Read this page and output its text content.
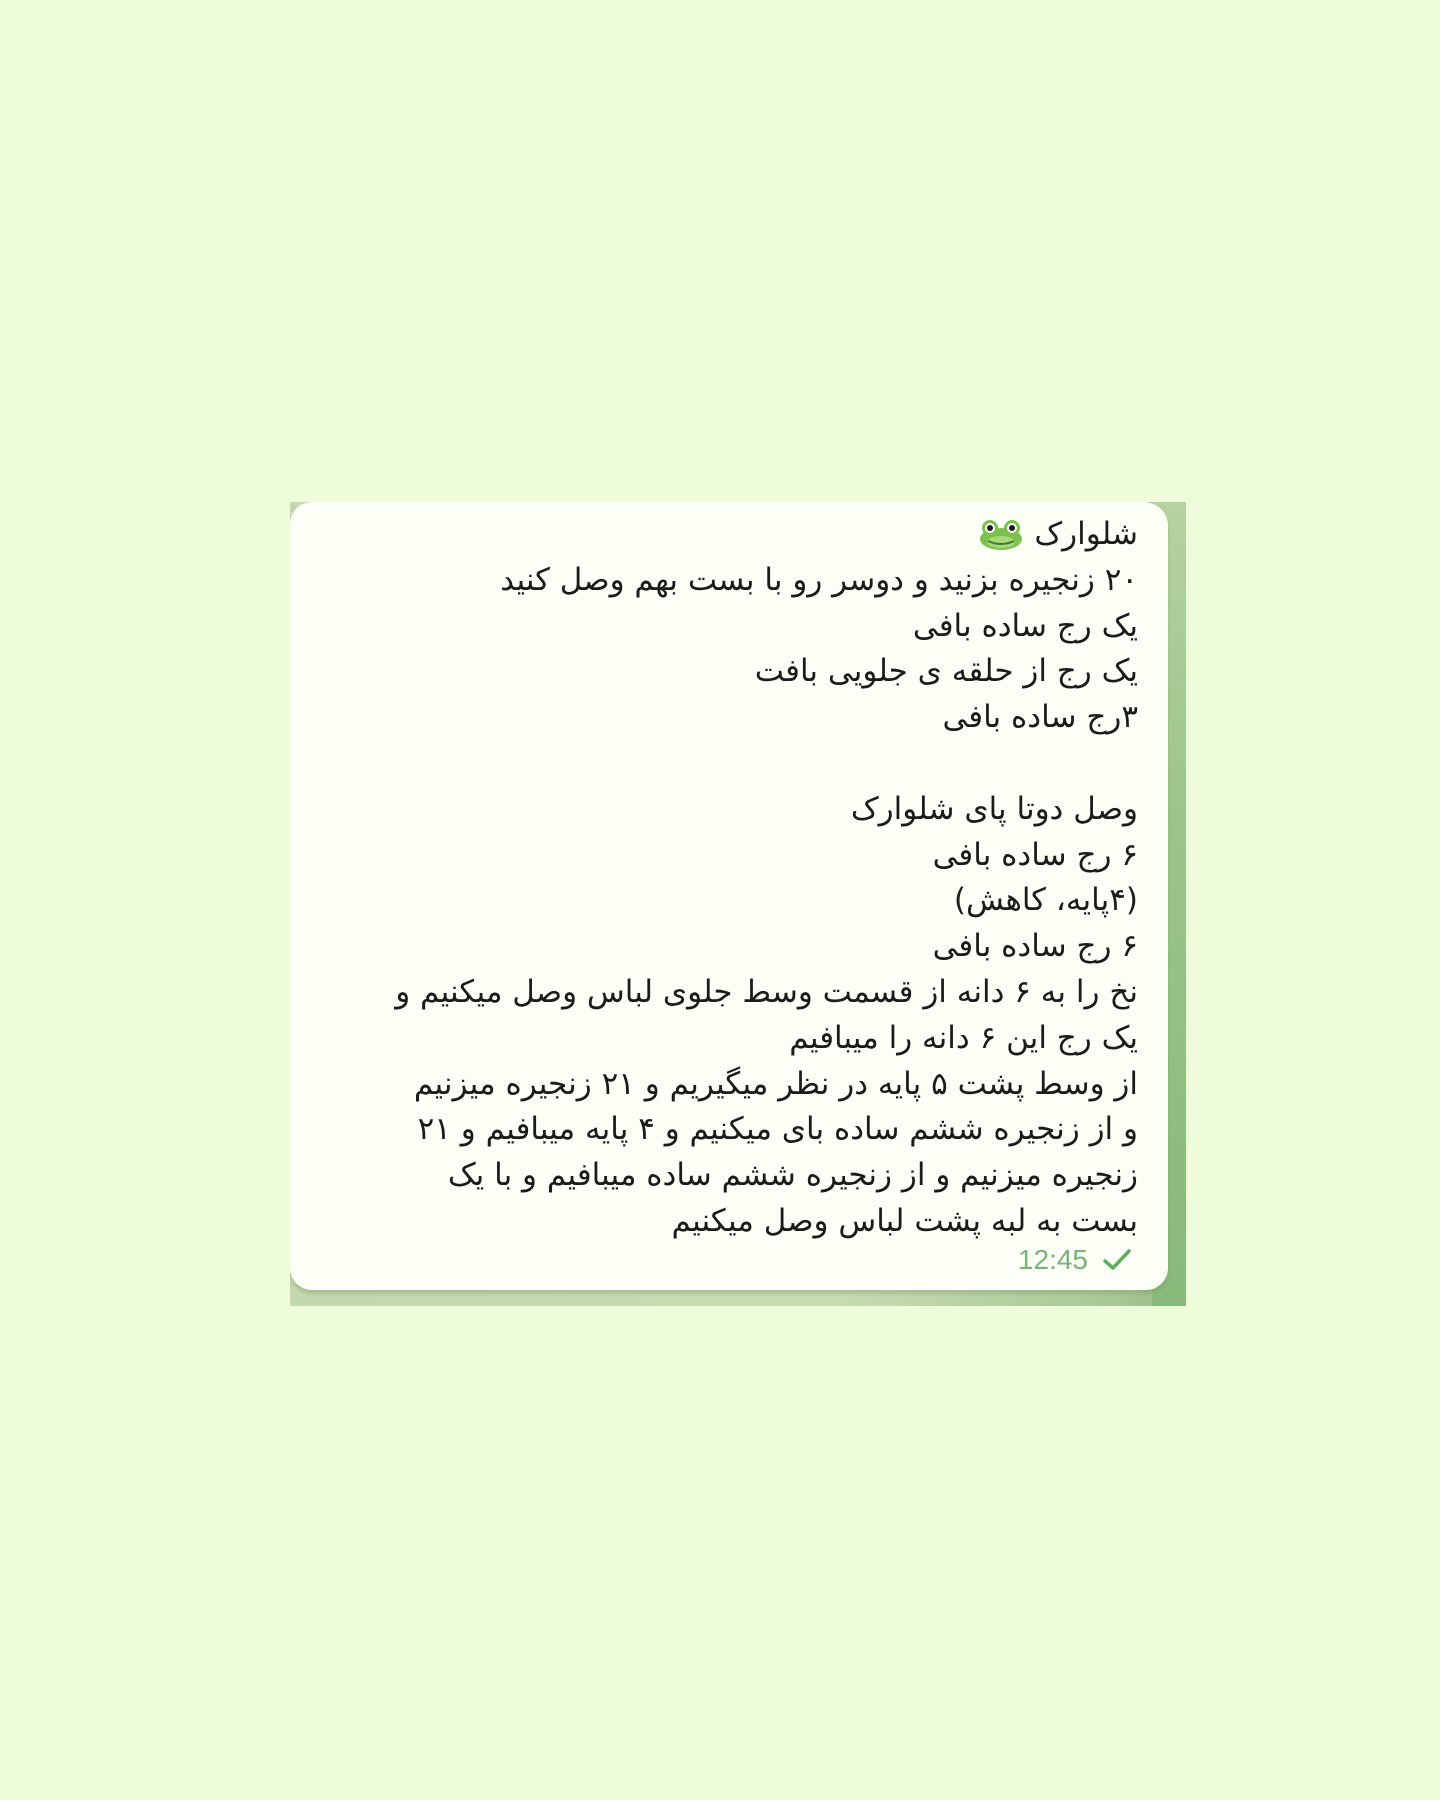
شلوارک
۲۰ زنجیره بزنید و دوسر رو با بست بهم وصل کنید
یک رج ساده بافی
یک رج از حلقه ی جلویی بافت
۳رج ساده بافی
وصل دوتا پای شلوارک
۶ رج ساده بافی
(۴پایه، کاهش)
۶ رج ساده بافی
نخ را به ۶ دانه از قسمت وسط جلوی لباس وصل میکنیم و
یک رج این ۶ دانه را میبافیم
از وسط پشت ۵ پایه در نظر میگیریم و ۲۱ زنجیره میزنیم
و از زنجیره ششم ساده بای میکنیم و ۴ پایه میبافیم و ۲۱
زنجیره میزنیم و از زنجیره ششم ساده میبافیم و با یک
بست به لبه پشت لباس وصل میکنیم
12:45
